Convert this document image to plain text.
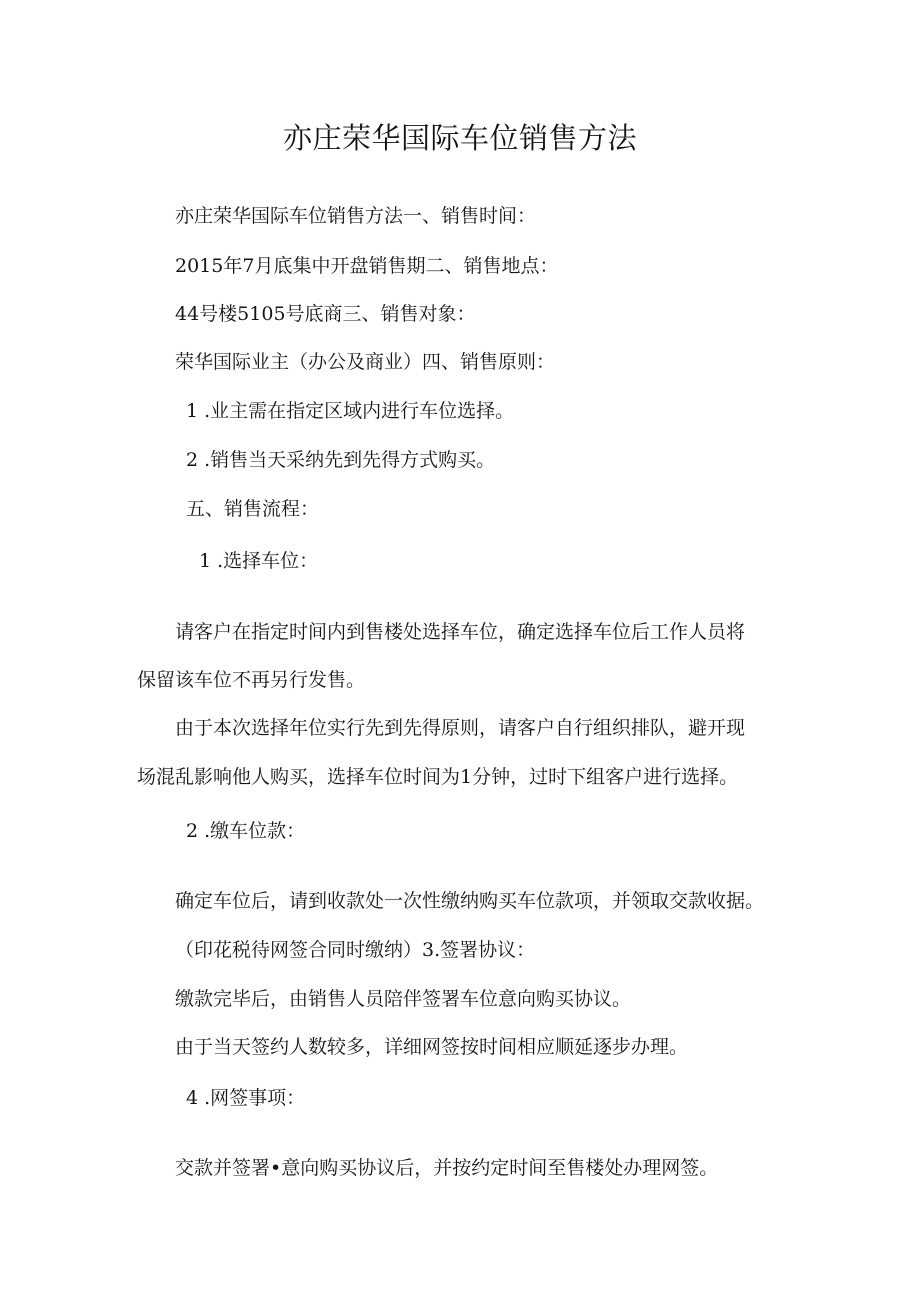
亦庄荣华国际车位销售方法
亦庄荣华国际车位销售方法一、销售时间：
2015年7月底集中开盘销售期二、销售地点：
44号楼5105号底商三、销售对象：
荣华国际业主（办公及商业）四、销售原则：
1 .业主需在指定区域内进行车位选择。
2 .销售当天采纳先到先得方式购买。
五、销售流程：
1 .选择车位：
请客户在指定时间内到售楼处选择车位，确定选择车位后工作人员将
保留该车位不再另行发售。
由于本次选择年位实行先到先得原则，请客户自行组织排队，避开现
场混乱影响他人购买，选择车位时间为1分钟，过时下组客户进行选择。
2 .缴车位款：
确定车位后，请到收款处一次性缴纳购买车位款项，并领取交款收据。
（印花税待网签合同时缴纳）3.签署协议：
缴款完毕后，由销售人员陪伴签署车位意向购买协议。
由于当天签约人数较多，详细网签按时间相应顺延逐步办理。
4 .网签事项：
交款并签署•意向购买协议后，并按约定时间至售楼处办理网签。
